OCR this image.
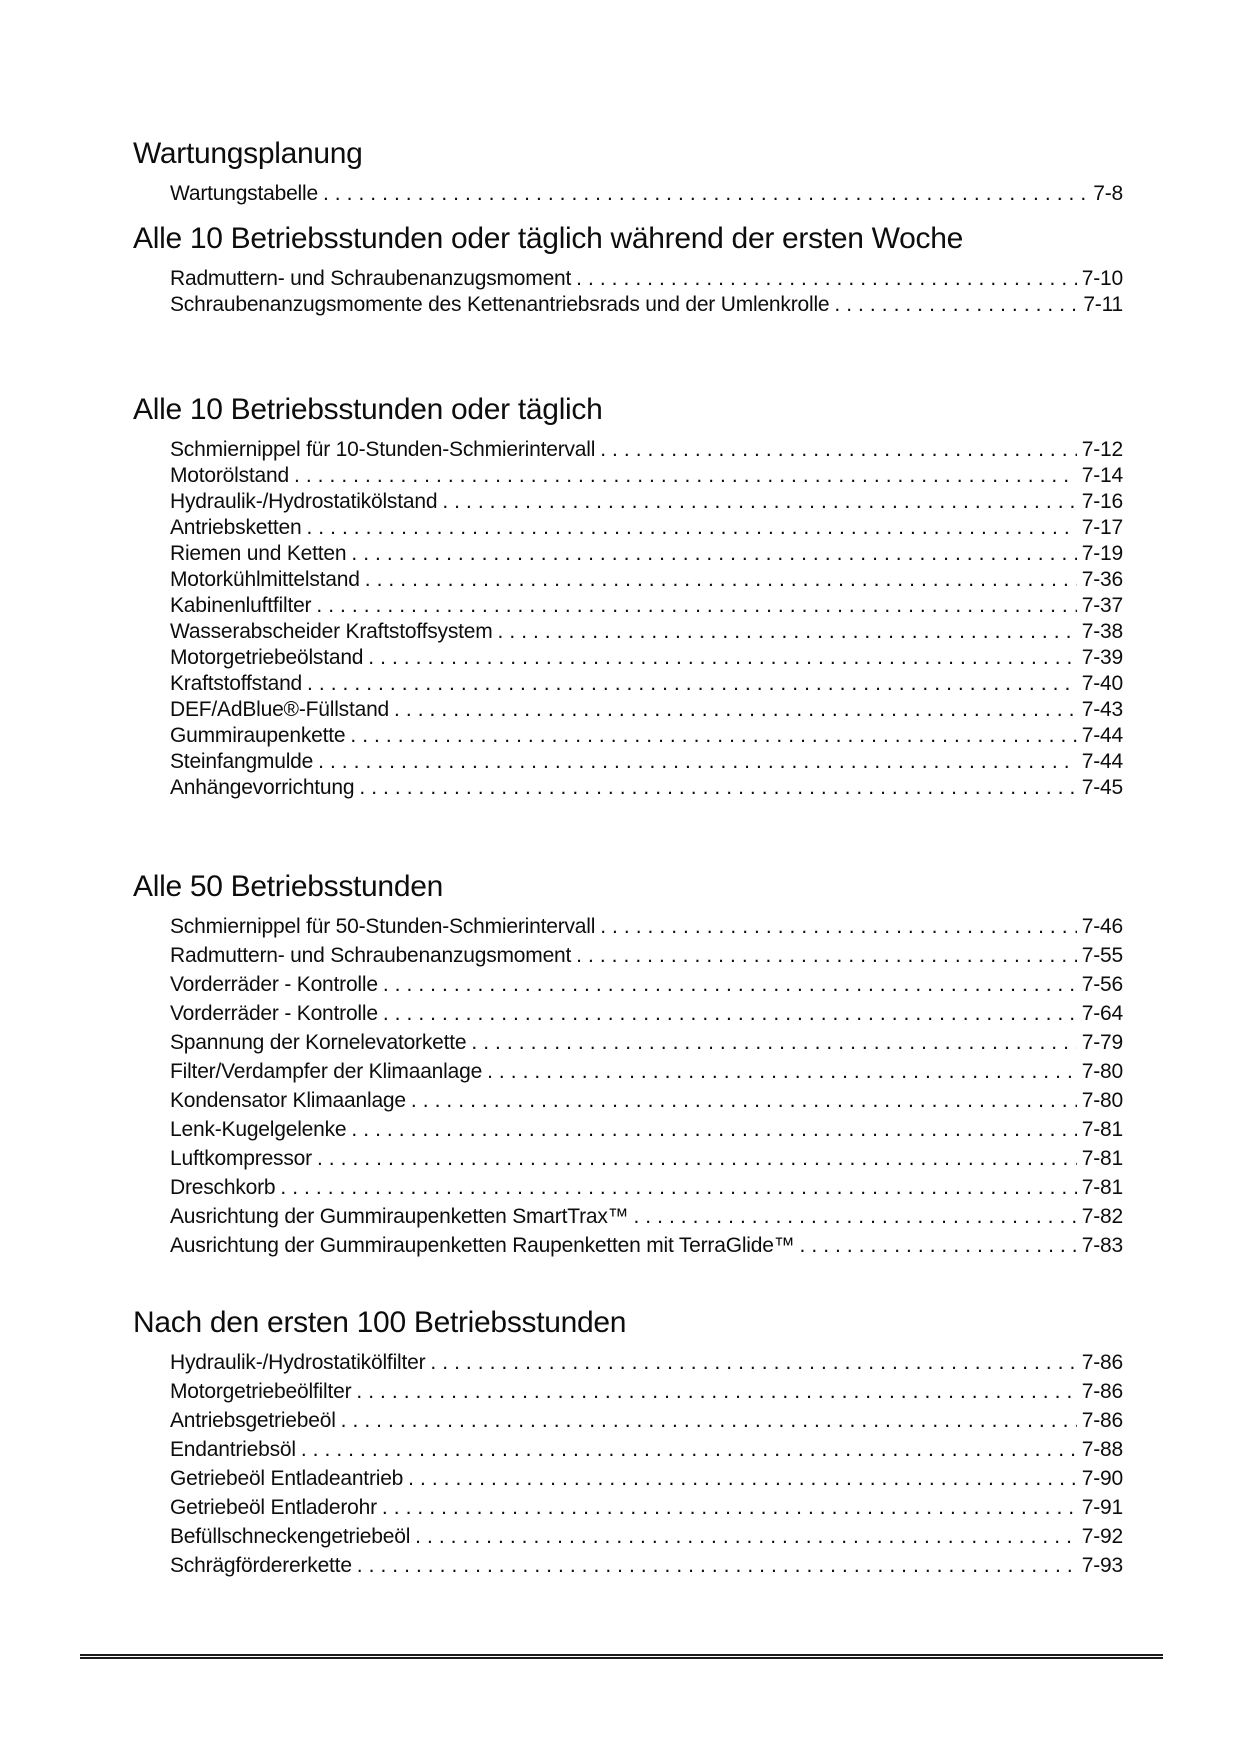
Wartungsplanung
Wartungstabelle .....	7-8
Alle 10 Betriebsstunden oder täglich während der ersten Woche
Radmuttern- und Schraubenanzugsmoment .....	7-10
Schraubenanzugsmomente des Kettenantriebsrads und der Umlenkrolle .....	7-11
Alle 10 Betriebsstunden oder täglich
Schmiernippel für 10-Stunden-Schmierintervall .....	7-12
Motorölstand .....	7-14
Hydraulik-/Hydrostatikölstand .....	7-16
Antriebsketten .....	7-17
Riemen und Ketten .....	7-19
Motorkühlmittelstand .....	7-36
Kabinenluftfilter .....	7-37
Wasserabscheider Kraftstoffsystem .....	7-38
Motorgetriebeölstand .....	7-39
Kraftstoffstand .....	7-40
DEF/AdBlue®-Füllstand .....	7-43
Gummiraupenkette .....	7-44
Steinfangmulde .....	7-44
Anhängevorrichtung .....	7-45
Alle 50 Betriebsstunden
Schmiernippel für 50-Stunden-Schmierintervall .....	7-46
Radmuttern- und Schraubenanzugsmoment .....	7-55
Vorderräder - Kontrolle .....	7-56
Vorderräder - Kontrolle .....	7-64
Spannung der Kornelevatorkette .....	7-79
Filter/Verdampfer der Klimaanlage .....	7-80
Kondensator Klimaanlage .....	7-80
Lenk-Kugelgelenke .....	7-81
Luftkompressor .....	7-81
Dreschkorb .....	7-81
Ausrichtung der Gummiraupenketten SmartTrax™ .....	7-82
Ausrichtung der Gummiraupenketten Raupenketten mit TerraGlide™ .....	7-83
Nach den ersten 100 Betriebsstunden
Hydraulik-/Hydrostatikölfilter .....	7-86
Motorgetriebeölfilter .....	7-86
Antriebsgetriebeöl .....	7-86
Endantriebsöl .....	7-88
Getriebeöl Entladeantrieb .....	7-90
Getriebeöl Entladerohr .....	7-91
Befüllschneckengetriebeöl .....	7-92
Schrägfördererkette .....	7-93
